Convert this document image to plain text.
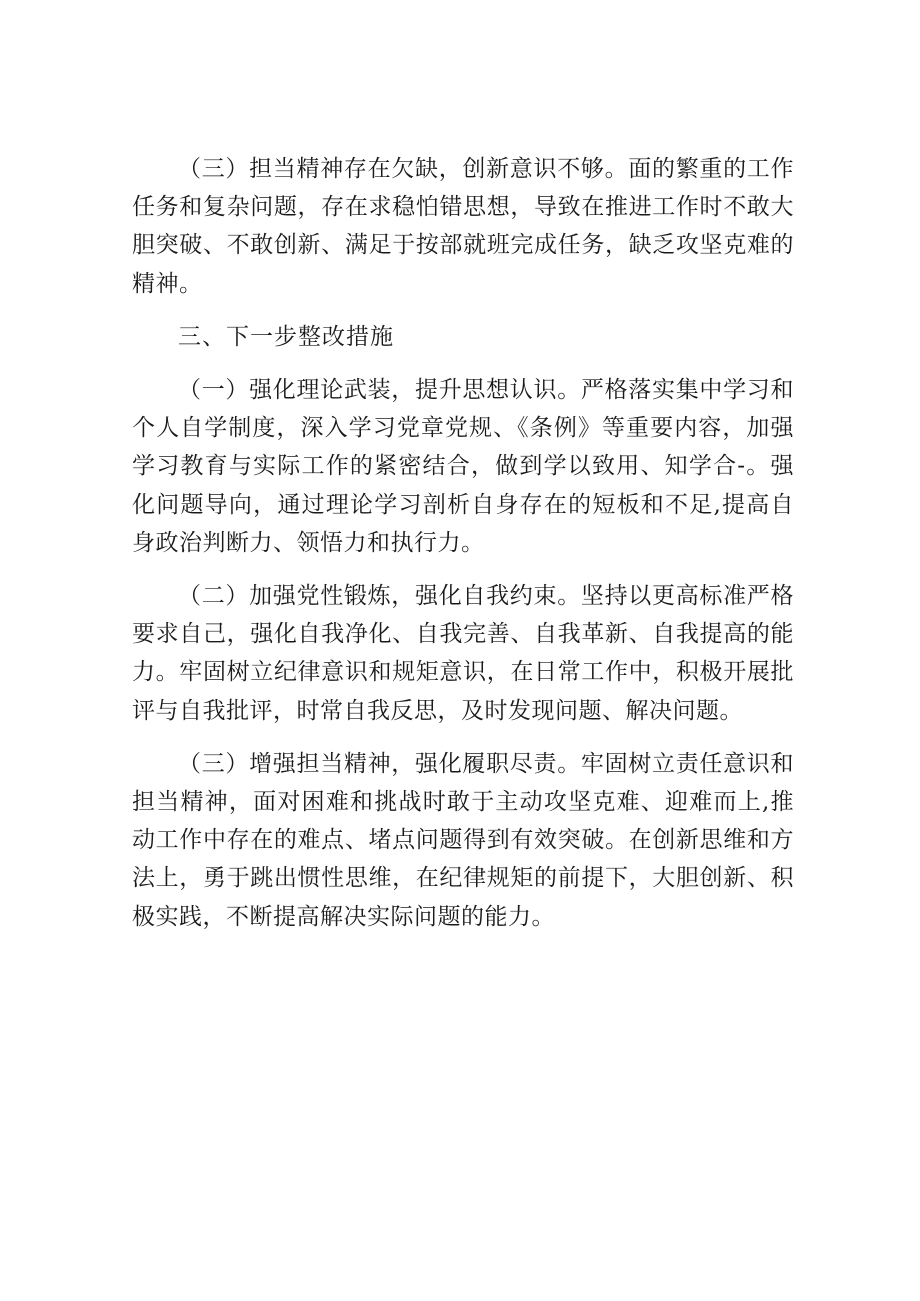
（三）担当精神存在欠缺，创新意识不够。面的繁重的工作任务和复杂问题，存在求稳怕错思想，导致在推进工作时不敢大胆突破、不敢创新、满足于按部就班完成任务，缺乏攻坚克难的精神。

三、下一步整改措施

（一）强化理论武装，提升思想认识。严格落实集中学习和个人自学制度，深入学习党章党规、《条例》等重要内容，加强学习教育与实际工作的紧密结合，做到学以致用、知学合-。强化问题导向，通过理论学习剖析自身存在的短板和不足,提高自身政治判断力、领悟力和执行力。

（二）加强党性锻炼，强化自我约束。坚持以更高标准严格要求自己，强化自我净化、自我完善、自我革新、自我提高的能力。牢固树立纪律意识和规矩意识，在日常工作中，积极开展批评与自我批评，时常自我反思，及时发现问题、解决问题。

（三）增强担当精神，强化履职尽责。牢固树立责任意识和担当精神，面对困难和挑战时敢于主动攻坚克难、迎难而上,推动工作中存在的难点、堵点问题得到有效突破。在创新思维和方法上，勇于跳出惯性思维，在纪律规矩的前提下，大胆创新、积极实践，不断提高解决实际问题的能力。
